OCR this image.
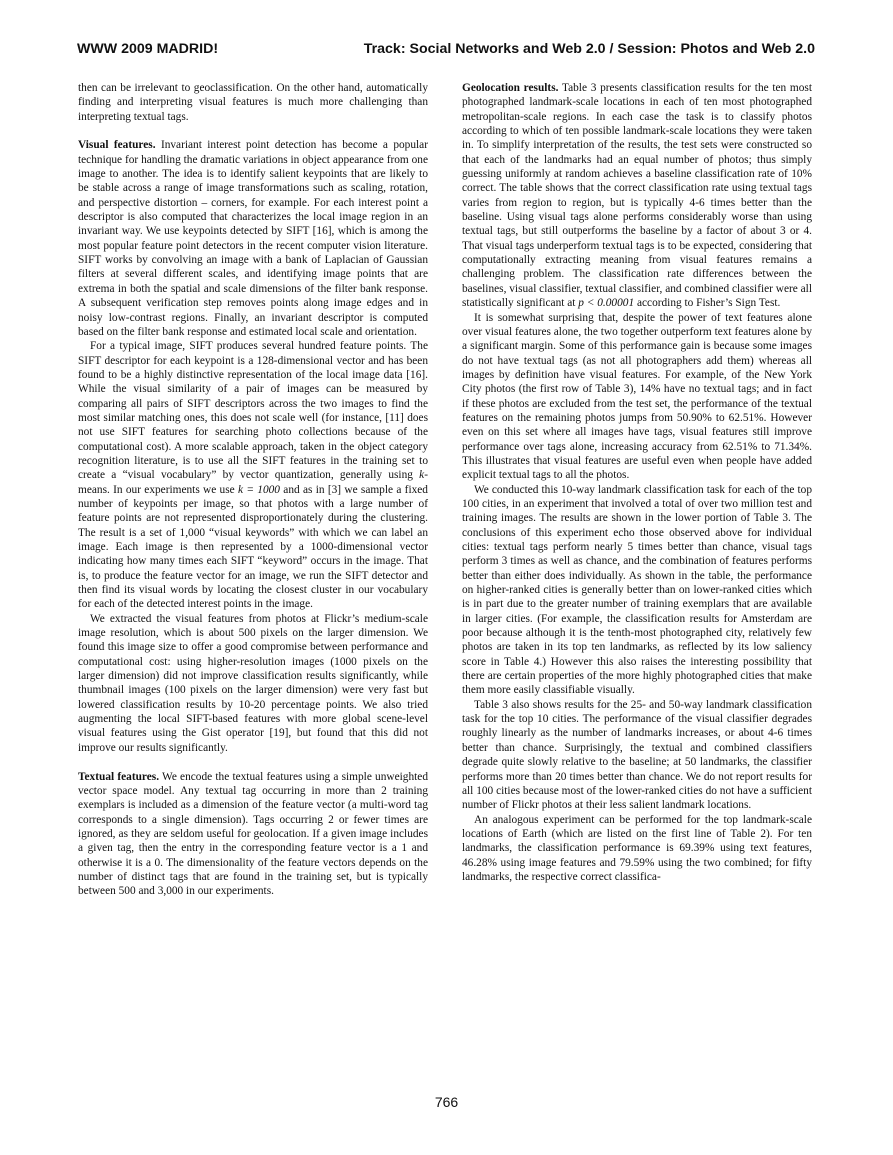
WWW 2009 MADRID!	Track: Social Networks and Web 2.0 / Session: Photos and Web 2.0

then can be irrelevant to geoclassification. On the other hand, automatically finding and interpreting visual features is much more challenging than interpreting textual tags.

Visual features. Invariant interest point detection has become a popular technique for handling the dramatic variations in object appearance from one image to another. The idea is to identify salient keypoints that are likely to be stable across a range of image transformations such as scaling, rotation, and perspective distortion – corners, for example. For each interest point a descriptor is also computed that characterizes the local image region in an invariant way. We use keypoints detected by SIFT [16], which is among the most popular feature point detectors in the recent computer vision literature. SIFT works by convolving an image with a bank of Laplacian of Gaussian filters at several different scales, and identifying image points that are extrema in both the spatial and scale dimensions of the filter bank response. A subsequent verification step removes points along image edges and in noisy low-contrast regions. Finally, an invariant descriptor is computed based on the filter bank response and estimated local scale and orientation.

For a typical image, SIFT produces several hundred feature points. The SIFT descriptor for each keypoint is a 128-dimensional vector and has been found to be a highly distinctive representation of the local image data [16]. While the visual similarity of a pair of images can be measured by comparing all pairs of SIFT descriptors across the two images to find the most similar matching ones, this does not scale well (for instance, [11] does not use SIFT features for searching photo collections because of the computational cost). A more scalable approach, taken in the object category recognition literature, is to use all the SIFT features in the training set to create a “visual vocabulary” by vector quantization, generally using k-means. In our experiments we use k = 1000 and as in [3] we sample a fixed number of keypoints per image, so that photos with a large number of feature points are not represented disproportionately during the clustering. The result is a set of 1,000 “visual keywords” with which we can label an image. Each image is then represented by a 1000-dimensional vector indicating how many times each SIFT “keyword” occurs in the image. That is, to produce the feature vector for an image, we run the SIFT detector and then find its visual words by locating the closest cluster in our vocabulary for each of the detected interest points in the image.

We extracted the visual features from photos at Flickr’s medium-scale image resolution, which is about 500 pixels on the larger dimension. We found this image size to offer a good compromise between performance and computational cost: using higher-resolution images (1000 pixels on the larger dimension) did not improve classification results significantly, while thumbnail images (100 pixels on the larger dimension) were very fast but lowered classification results by 10-20 percentage points. We also tried augmenting the local SIFT-based features with more global scene-level visual features using the Gist operator [19], but found that this did not improve our results significantly.

Textual features. We encode the textual features using a simple unweighted vector space model. Any textual tag occurring in more than 2 training exemplars is included as a dimension of the feature vector (a multi-word tag corresponds to a single dimension). Tags occurring 2 or fewer times are ignored, as they are seldom useful for geolocation. If a given image includes a given tag, then the entry in the corresponding feature vector is a 1 and otherwise it is a 0. The dimensionality of the feature vectors depends on the number of distinct tags that are found in the training set, but is typically between 500 and 3,000 in our experiments.

Geolocation results. Table 3 presents classification results for the ten most photographed landmark-scale locations in each of ten most photographed metropolitan-scale regions. In each case the task is to classify photos according to which of ten possible landmark-scale locations they were taken in. To simplify interpretation of the results, the test sets were constructed so that each of the landmarks had an equal number of photos; thus simply guessing uniformly at random achieves a baseline classification rate of 10% correct. The table shows that the correct classification rate using textual tags varies from region to region, but is typically 4-6 times better than the baseline. Using visual tags alone performs considerably worse than using textual tags, but still outperforms the baseline by a factor of about 3 or 4. That visual tags underperform textual tags is to be expected, considering that computationally extracting meaning from visual features remains a challenging problem. The classification rate differences between the baselines, visual classifier, textual classifier, and combined classifier were all statistically significant at p < 0.00001 according to Fisher’s Sign Test.

It is somewhat surprising that, despite the power of text features alone over visual features alone, the two together outperform text features alone by a significant margin. Some of this performance gain is because some images do not have textual tags (as not all photographers add them) whereas all images by definition have visual features. For example, of the New York City photos (the first row of Table 3), 14% have no textual tags; and in fact if these photos are excluded from the test set, the performance of the textual features on the remaining photos jumps from 50.90% to 62.51%. However even on this set where all images have tags, visual features still improve performance over tags alone, increasing accuracy from 62.51% to 71.34%. This illustrates that visual features are useful even when people have added explicit textual tags to all the photos.

We conducted this 10-way landmark classification task for each of the top 100 cities, in an experiment that involved a total of over two million test and training images. The results are shown in the lower portion of Table 3. The conclusions of this experiment echo those observed above for individual cities: textual tags perform nearly 5 times better than chance, visual tags perform 3 times as well as chance, and the combination of features performs better than either does individually. As shown in the table, the performance on higher-ranked cities is generally better than on lower-ranked cities which is in part due to the greater number of training exemplars that are available in larger cities. (For example, the classification results for Amsterdam are poor because although it is the tenth-most photographed city, relatively few photos are taken in its top ten landmarks, as reflected by its low saliency score in Table 4.) However this also raises the interesting possibility that there are certain properties of the more highly photographed cities that make them more easily classifiable visually.

Table 3 also shows results for the 25- and 50-way landmark classification task for the top 10 cities. The performance of the visual classifier degrades roughly linearly as the number of landmarks increases, or about 4-6 times better than chance. Surprisingly, the textual and combined classifiers degrade quite slowly relative to the baseline; at 50 landmarks, the classifier performs more than 20 times better than chance. We do not report results for all 100 cities because most of the lower-ranked cities do not have a sufficient number of Flickr photos at their less salient landmark locations.

An analogous experiment can be performed for the top landmark-scale locations of Earth (which are listed on the first line of Table 2). For ten landmarks, the classification performance is 69.39% using text features, 46.28% using image features and 79.59% using the two combined; for fifty landmarks, the respective correct classifica-

766
